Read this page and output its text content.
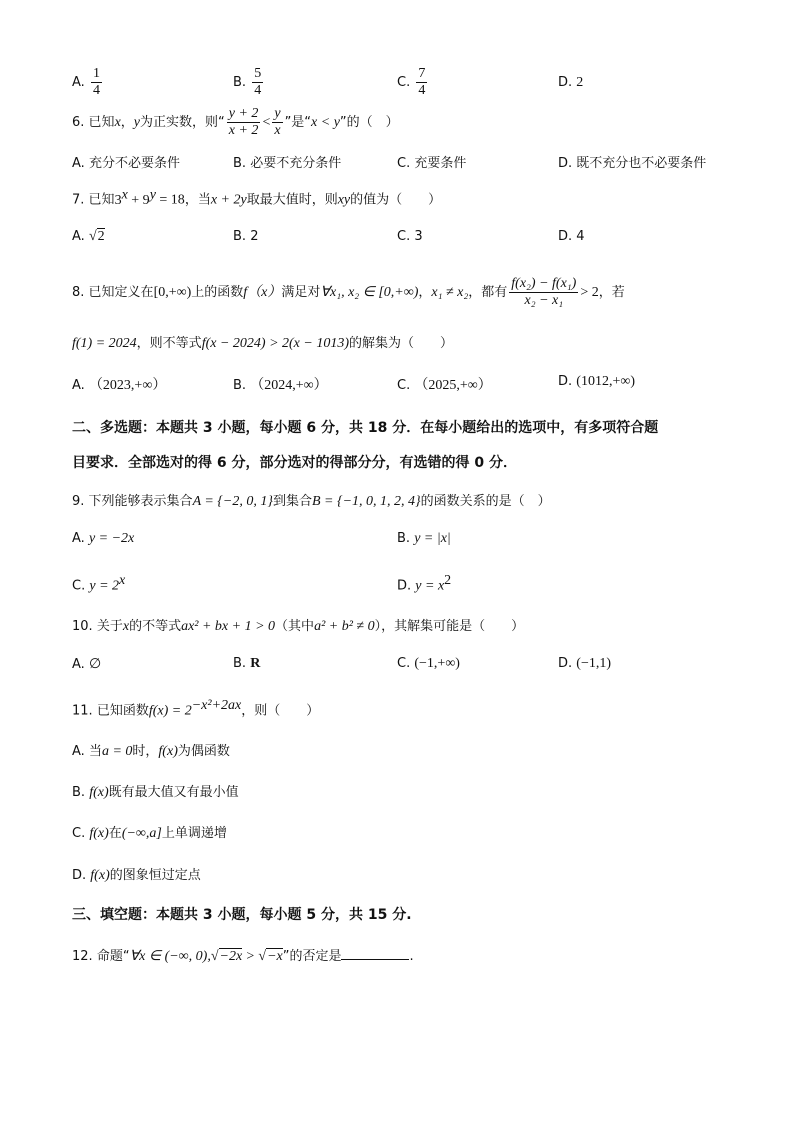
A. $\frac{1}{4}$	B. $\frac{5}{4}$	C. $\frac{7}{4}$	D. 2
6. 已知x，y为正实数，则“ $\frac{y + 2}{x + 2} < \frac{y}{x}$ ”是“x < y”的（　）
A. 充分不必要条件	B. 必要不充分条件	C. 充要条件	D. 既不充分也不必要条件
7. 已知$3^x + 9^y = 18$，当x + 2y取最大值时，则xy的值为（　　）
A. √2	B. 2	C. 3	D. 4
8. 已知定义在[0,+∞)上的函数f（x）满足对∀x₁, x₂ ∈ [0,+∞)，x₁ ≠ x₂，都有 $\frac{\text{f(x₂) − f(x₁)}}{\text{x₂ − x₁}} > 2$，若
f(1) = 2024，则不等式f(x − 2024) > 2(x − 1013)的解集为（　　）
A. （2023,+∞）	B. （2024,+∞）	C. （2025,+∞）	D. (1012,+∞)
二、多选题：本题共 3 小题，每小题 6 分，共 18 分．在每小题给出的选项中，有多项符合题
目要求．全部选对的得 6 分，部分选对的得部分分，有选错的得 0 分．
9. 下列能够表示集合A = {−2, 0, 1}到集合B = {−1, 0, 1, 2, 4}的函数关系的是（　）
A. y = −2x	B. y = |x|
C. $y = 2^x$	D. $y = x^2$
10. 关于x的不等式ax² + bx + 1 > 0（其中a² + b² ≠ 0），其解集可能是（　　）
A. ∅	B. R	C. (−1,+∞)	D. (−1,1)
11. 已知函数$f(x) = 2^{-x^2+2ax}$，则（　　）
A. 当a = 0时，f(x)为偶函数
B. f(x)既有最大值又有最小值
C. f(x)在(−∞,a]上单调递增
D. f(x)的图象恒过定点
三、填空题：本题共 3 小题，每小题 5 分，共 15 分.
12. 命题“∀x ∈ (−∞, 0),√−2x > √−x”的否定是	.
